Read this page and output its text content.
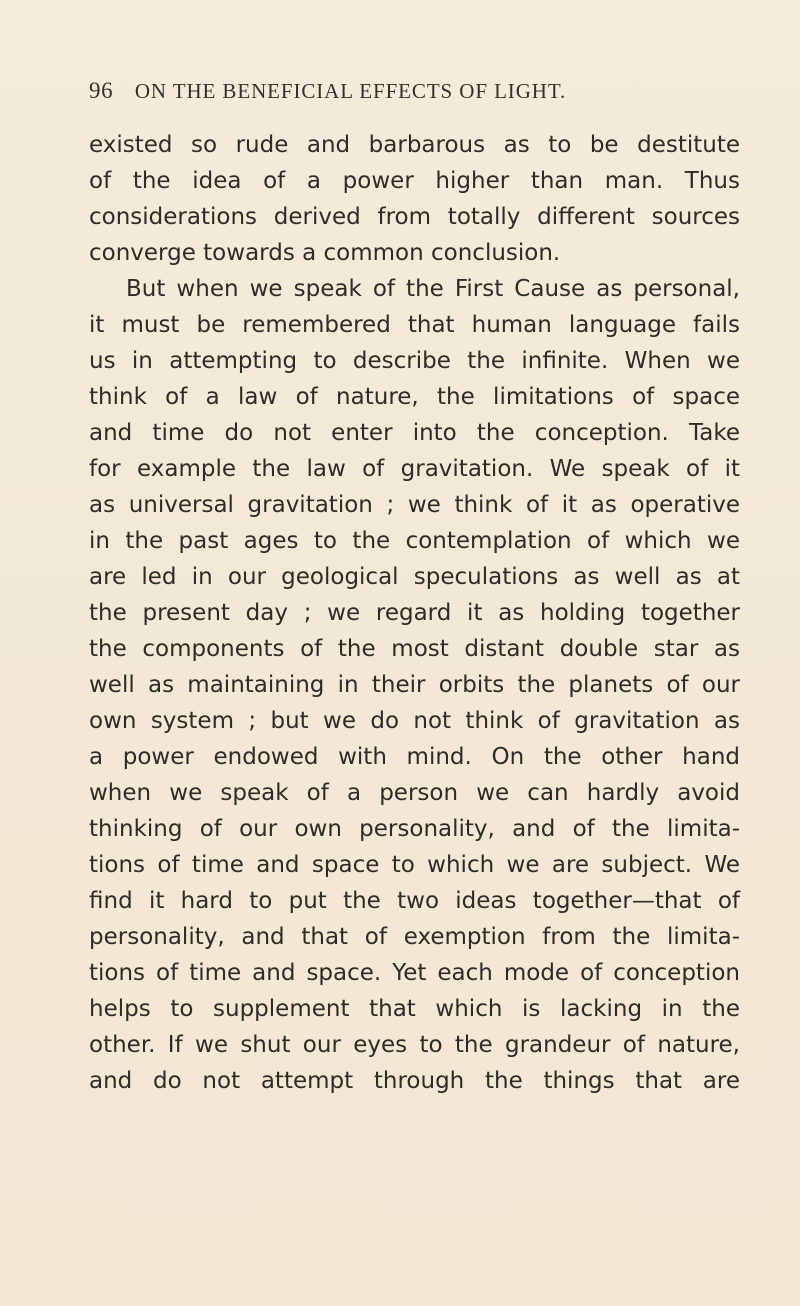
96 ON THE BENEFICIAL EFFECTS OF LIGHT.
existed so rude and barbarous as to be destitute
of the idea of a power higher than man. Thus
considerations derived from totally different sources
converge towards a common conclusion.
But when we speak of the First Cause as personal,
it must be remembered that human language fails
us in attempting to describe the infinite. When we
think of a law of nature, the limitations of space
and time do not enter into the conception. Take
for example the law of gravitation. We speak of it
as universal gravitation ; we think of it as operative
in the past ages to the contemplation of which we
are led in our geological speculations as well as at
the present day ; we regard it as holding together
the components of the most distant double star as
well as maintaining in their orbits the planets of our
own system ; but we do not think of gravitation as
a power endowed with mind. On the other hand
when we speak of a person we can hardly avoid
thinking of our own personality, and of the limita-
tions of time and space to which we are subject. We
find it hard to put the two ideas together—that of
personality, and that of exemption from the limita-
tions of time and space. Yet each mode of conception
helps to supplement that which is lacking in the
other. If we shut our eyes to the grandeur of nature,
and do not attempt through the things that are
